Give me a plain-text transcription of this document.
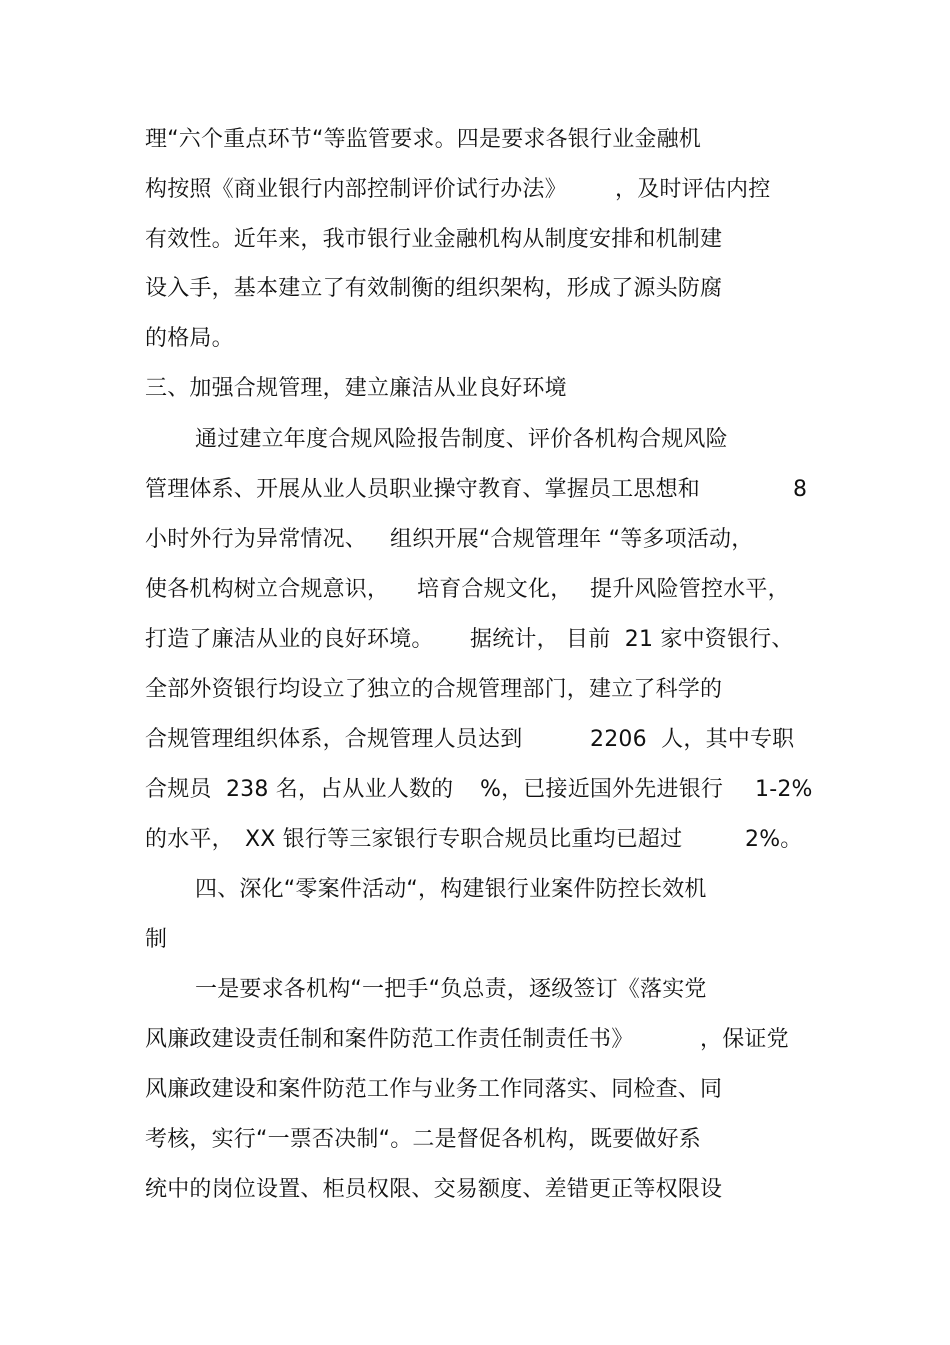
理“六个重点环节“等监管要求。四是要求各银行业金融机
构按照《商业银行内部控制评价试行办法》 ，及时评估内控
有效性。近年来，我市银行业金融机构从制度安排和机制建
设入手，基本建立了有效制衡的组织架构，形成了源头防腐
的格局。
三、加强合规管理，建立廉洁从业良好环境
通过建立年度合规风险报告制度、评价各机构合规风险
管理体系、开展从业人员职业操守教育、掌握员工思想和	8
小时外行为异常情况、 组织开展“合规管理年 “等多项活动，
使各机构树立合规意识， 培育合规文化， 提升风险管控水平，
打造了廉洁从业的良好环境。 据统计， 目前  21 家中资银行、
全部外资银行均设立了独立的合规管理部门，建立了科学的
合规管理组织体系，合规管理人员达到	2206  人，其中专职
合规员  238 名，占从业人数的 %，已接近国外先进银行 1-2%
的水平， XX 银行等三家银行专职合规员比重均已超过	2%。
四、深化“零案件活动“，构建银行业案件防控长效机
制
一是要求各机构“一把手“负总责，逐级签订《落实党
风廉政建设责任制和案件防范工作责任制责任书》	，保证党
风廉政建设和案件防范工作与业务工作同落实、同检查、同
考核，实行“一票否决制“。二是督促各机构，既要做好系
统中的岗位设置、柜员权限、交易额度、差错更正等权限设
